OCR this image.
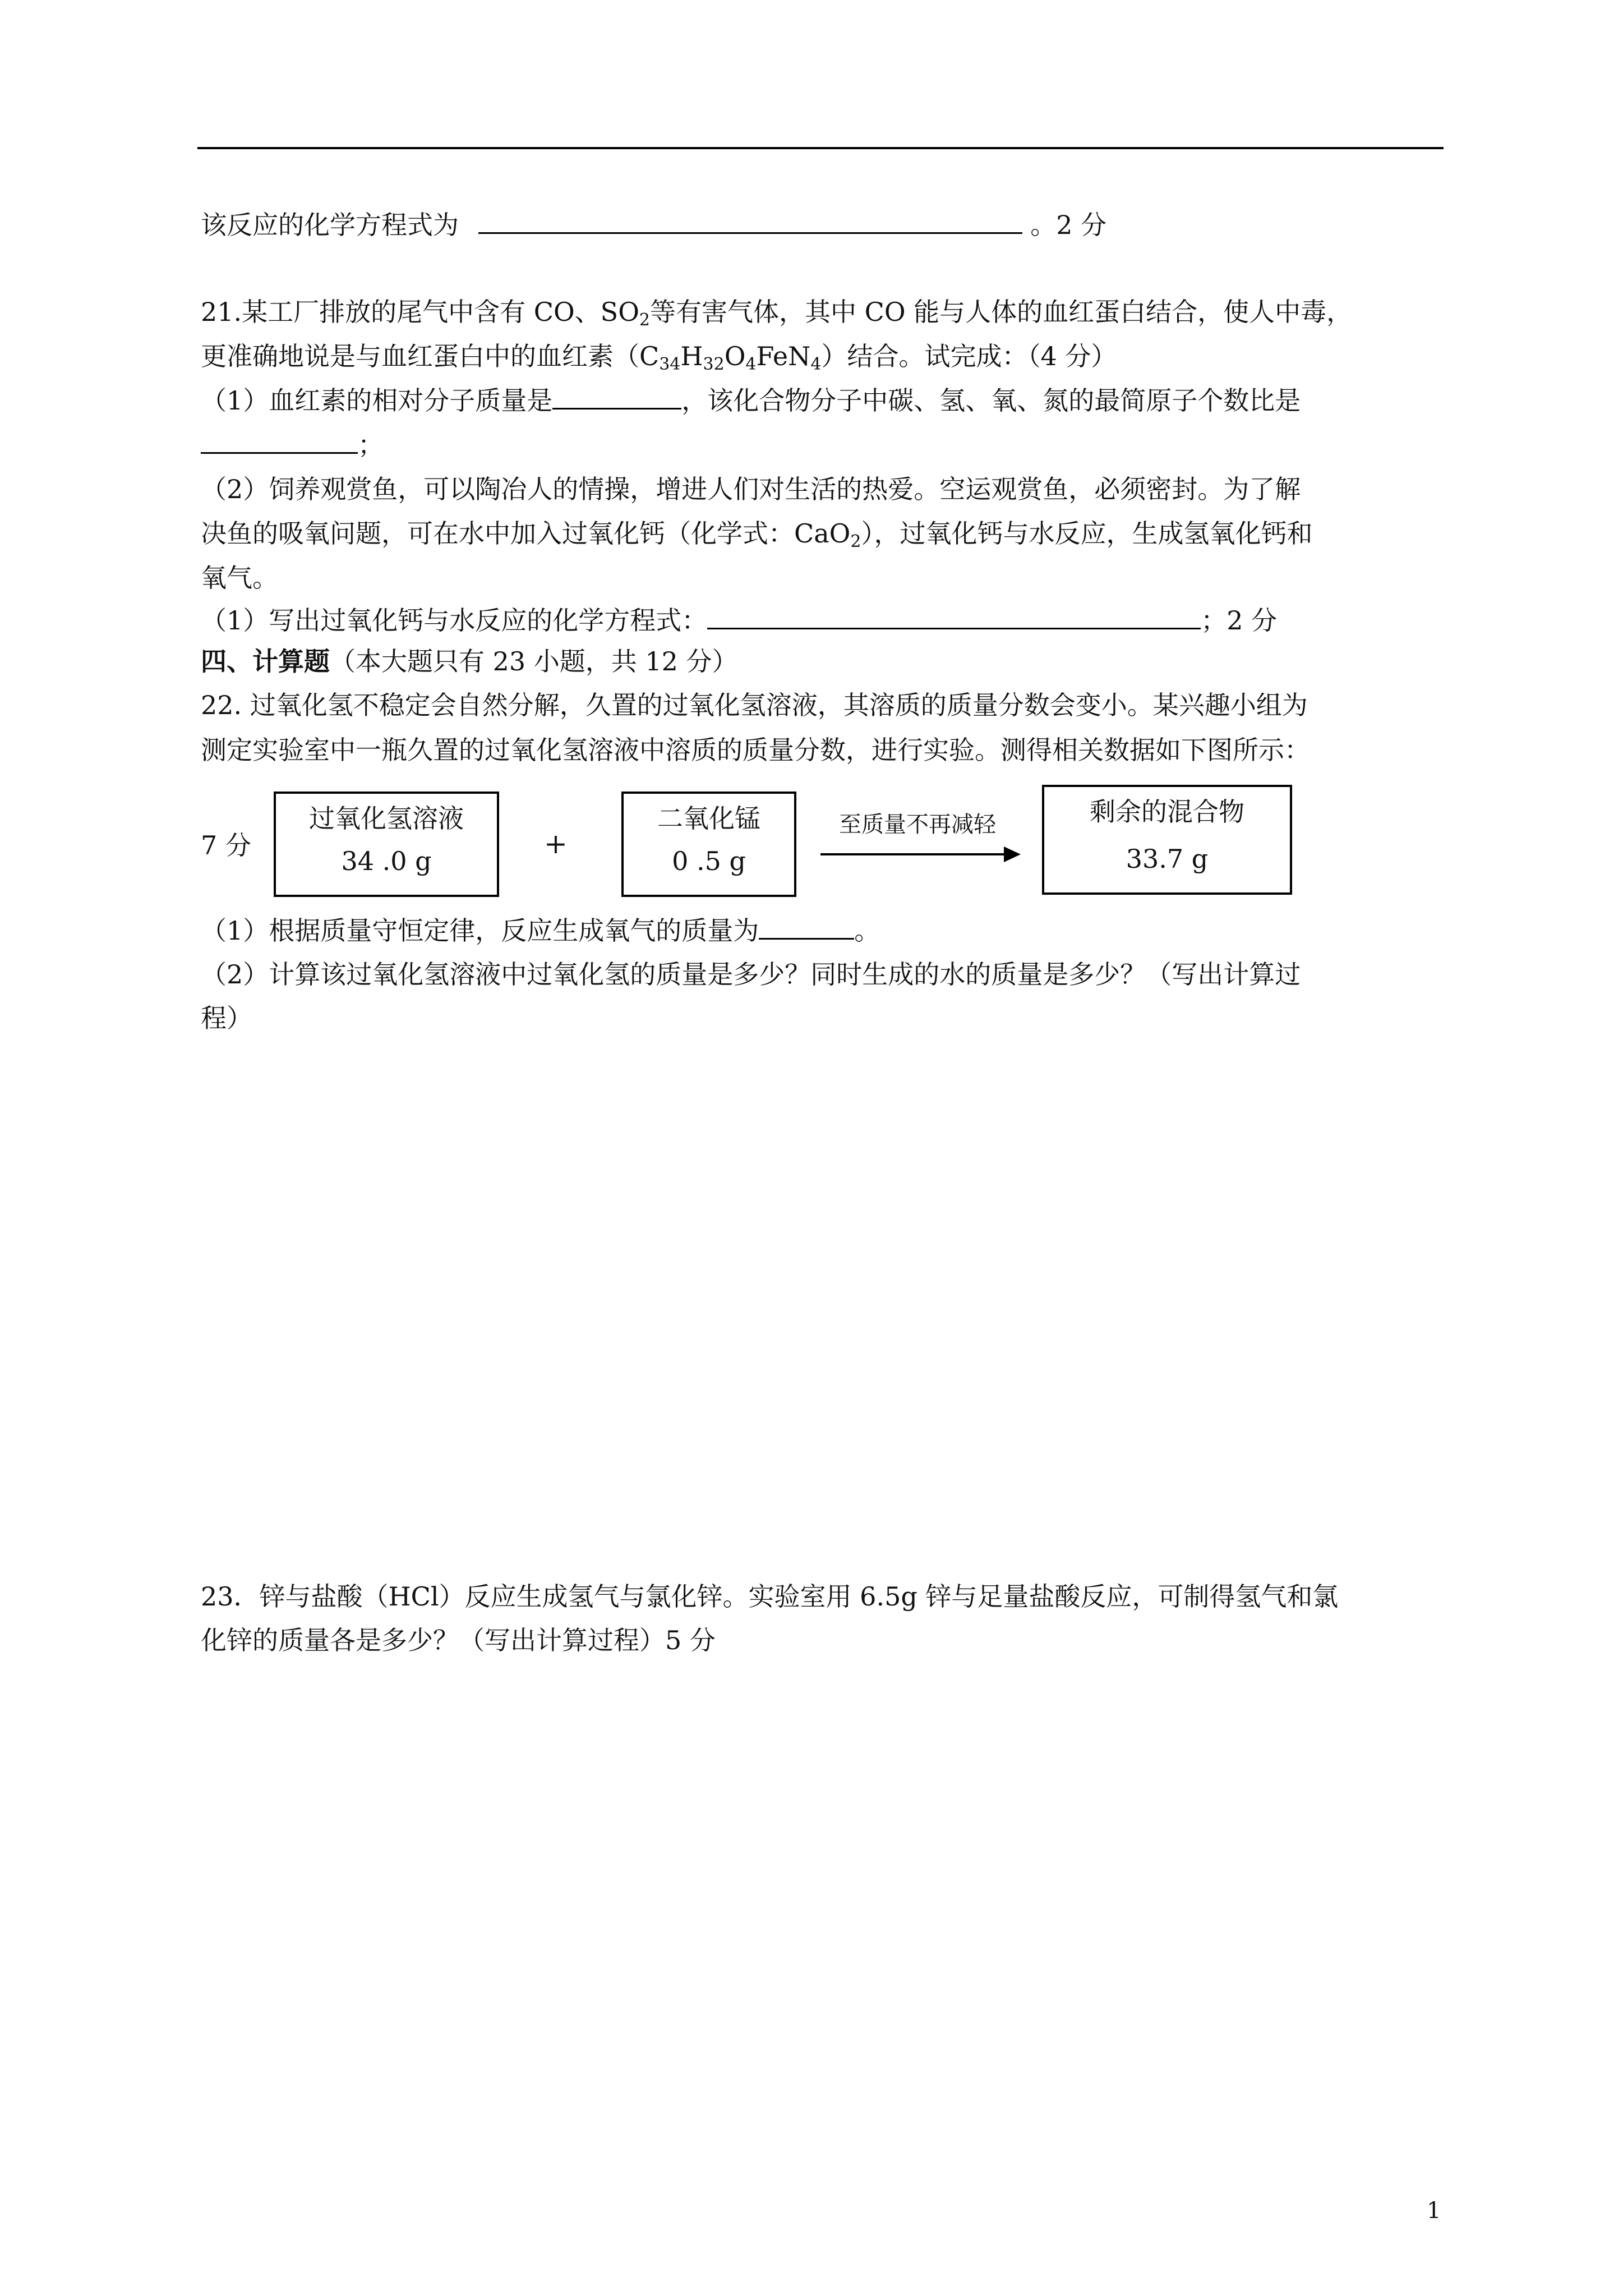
该反应的化学方程式为	。2 分
21.某工厂排放的尾气中含有 CO、$SO_2$等有害气体，其中 CO 能与人体的血红蛋白结合，使人中毒，
更准确地说是与血红蛋白中的血红素$(C_{34}H_{32}O_4FeN_4)$结合。试完成：（4 分）
（1）血红素的相对分子质量是	，该化合物分子中碳、氢、氧、氮的最简原子个数比是
；
（2）饲养观赏鱼，可以陶冶人的情操，增进人们对生活的热爱。空运观赏鱼，必须密封。为了解
决鱼的吸氧问题，可在水中加入过氧化钙（化学式：CaO$_2$），过氧化钙与水反应，生成氢氧化钙和
氧气。
（1）写出过氧化钙与水反应的化学方程式：	；2 分
四、计算题（本大题只有 23 小题，共 12 分）
22. 过氧化氢不稳定会自然分解，久置的过氧化氢溶液，其溶质的质量分数会变小。某兴趣小组为
测定实验室中一瓶久置的过氧化氢溶液中溶质的质量分数，进行实验。测得相关数据如下图所示：
7 分
过氧化氢溶液
34 .0 g
+
二氧化锰
0 .5 g
至质量不再减轻	剩余的混合物
33.7 g
（1）根据质量守恒定律，反应生成氧气的质量为	。
（2）计算该过氧化氢溶液中过氧化氢的质量是多少？同时生成的水的质量是多少？（写出计算过
程）
23．锌与盐酸（HCl）反应生成氢气与氯化锌。实验室用 6.5g 锌与足量盐酸反应，可制得氢气和氯
化锌的质量各是多少？（写出计算过程）5 分
1
